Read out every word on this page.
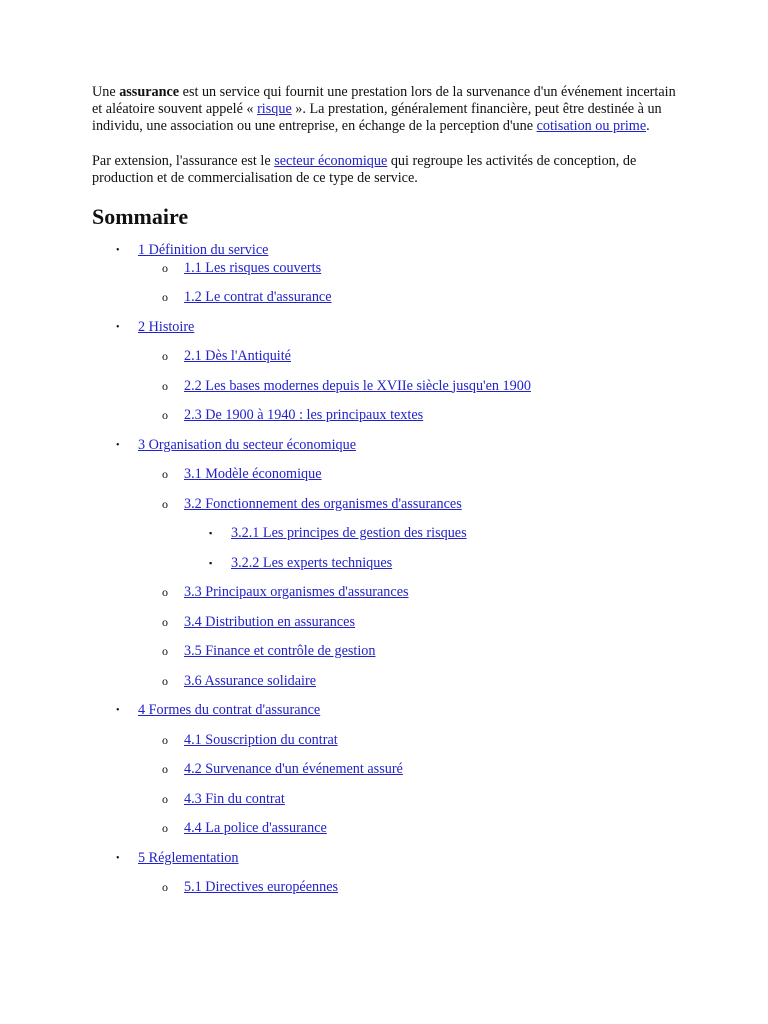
Une assurance est un service qui fournit une prestation lors de la survenance d'un événement incertain et aléatoire souvent appelé « risque ». La prestation, généralement financière, peut être destinée à un individu, une association ou une entreprise, en échange de la perception d'une cotisation ou prime.

Par extension, l'assurance est le secteur économique qui regroupe les activités de conception, de production et de commercialisation de ce type de service.

Sommaire
• 1 Définition du service
o 1.1 Les risques couverts
o 1.2 Le contrat d'assurance
• 2 Histoire
o 2.1 Dès l'Antiquité
o 2.2 Les bases modernes depuis le XVIIe siècle jusqu'en 1900
o 2.3 De 1900 à 1940 : les principaux textes
• 3 Organisation du secteur économique
o 3.1 Modèle économique
o 3.2 Fonctionnement des organismes d'assurances
▪ 3.2.1 Les principes de gestion des risques
▪ 3.2.2 Les experts techniques
o 3.3 Principaux organismes d'assurances
o 3.4 Distribution en assurances
o 3.5 Finance et contrôle de gestion
o 3.6 Assurance solidaire
• 4 Formes du contrat d'assurance
o 4.1 Souscription du contrat
o 4.2 Survenance d'un événement assuré
o 4.3 Fin du contrat
o 4.4 La police d'assurance
• 5 Réglementation
o 5.1 Directives européennes
